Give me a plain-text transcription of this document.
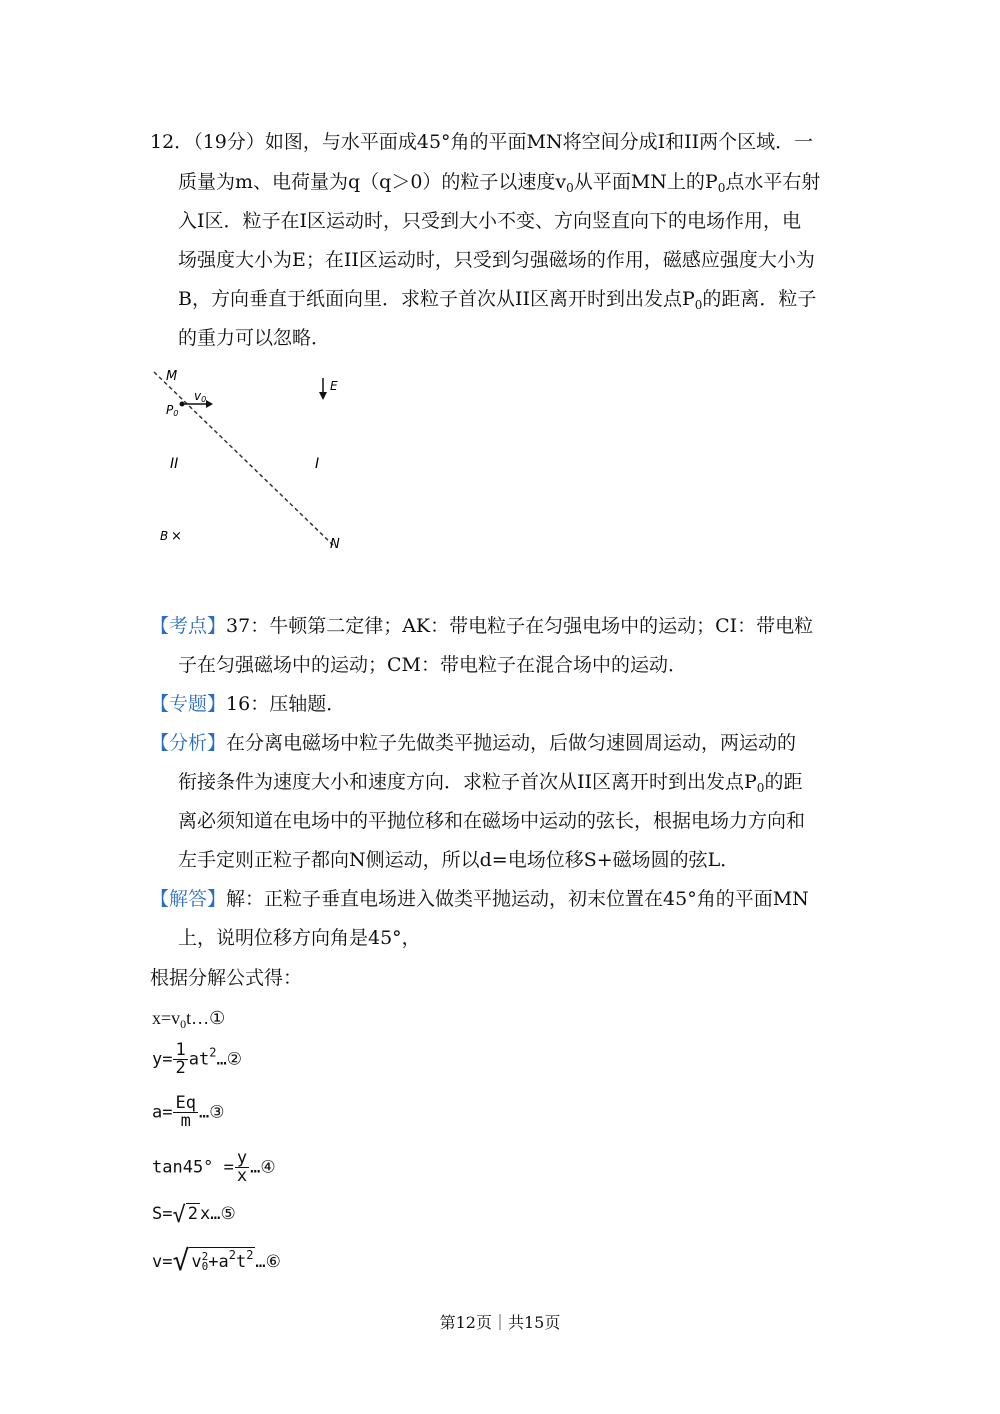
12．（19分）如图，与水平面成45°角的平面MN将空间分成I和II两个区域．一
质量为m、电荷量为q（q＞0）的粒子以速度$v_0$从平面MN上的$P_0$点水平右射
入I区．粒子在I区运动时，只受到大小不变、方向竖直向下的电场作用，电
场强度大小为E；在II区运动时，只受到匀强磁场的作用，磁感应强度大小为
B，方向垂直于纸面向里．求粒子首次从II区离开时到出发点$P_0$的距离．粒子
的重力可以忽略．
M
N
v0
P0
E
I
II
B ×
【考点】37：牛顿第二定律；AK：带电粒子在匀强电场中的运动；CI：带电粒
子在匀强磁场中的运动；CM：带电粒子在混合场中的运动．
【专题】16：压轴题．
【分析】在分离电磁场中粒子先做类平抛运动，后做匀速圆周运动，两运动的
衔接条件为速度大小和速度方向．求粒子首次从II区离开时到出发点$P_0$的距
离必须知道在电场中的平抛位移和在磁场中运动的弦长，根据电场力方向和
左手定则正粒子都向N侧运动，所以d=电场位移S+磁场圆的弦L．
【解答】解：正粒子垂直电场进入做类平抛运动，初末位置在45°角的平面MN
上，说明位移方向角是45°，
根据分解公式得：
$x=v_0t\dots ①$
$y= \frac{1}{2}$ $at^2\dots ②$
$a= \frac{Eq}{m}$ …③
$\tan 45^\circ = \frac{y}{x}$ …④
S=√ 2 x…⑤
v=√ v 2
$0 +a^2t^2$ …⑥
第12页｜共15页
